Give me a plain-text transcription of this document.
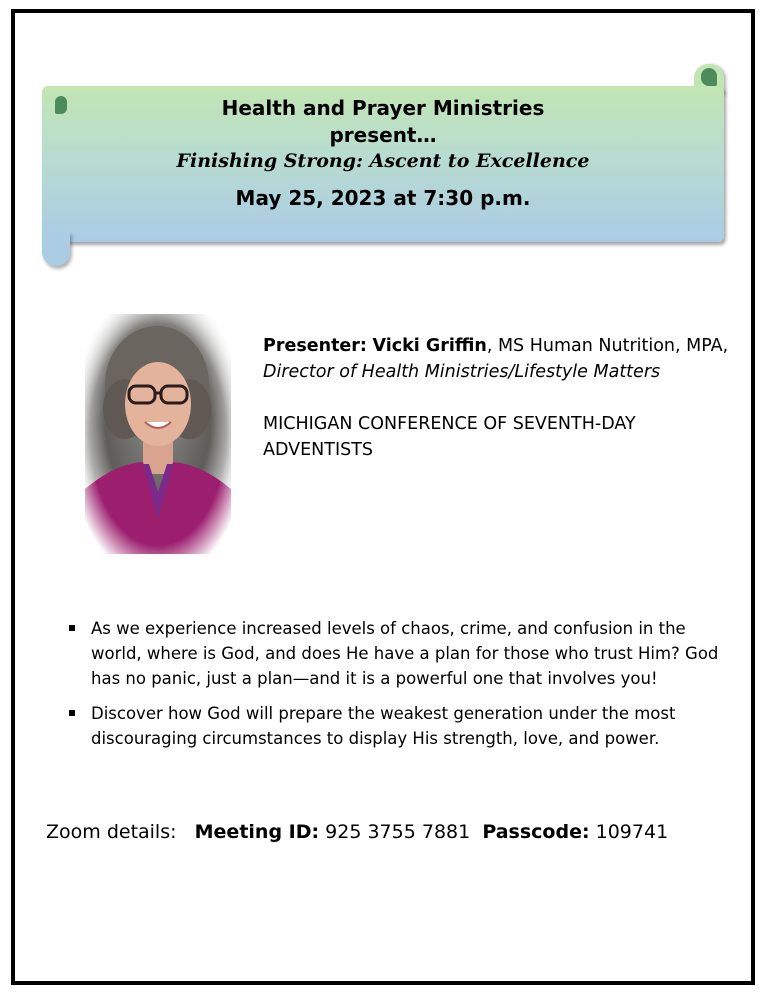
Health and Prayer Ministries
present…
Finishing Strong: Ascent to Excellence
May 25, 2023 at 7:30 p.m.
Presenter: Vicki Griffin, MS Human Nutrition, MPA, Director of Health Ministries/Lifestyle Matters
MICHIGAN CONFERENCE OF SEVENTH-DAY ADVENTISTS
As we experience increased levels of chaos, crime, and confusion in the world, where is God, and does He have a plan for those who trust Him? God has no panic, just a plan—and it is a powerful one that involves you!
Discover how God will prepare the weakest generation under the most discouraging circumstances to display His strength, love, and power.
Zoom details: Meeting ID: 925 3755 7881 Passcode: 109741
